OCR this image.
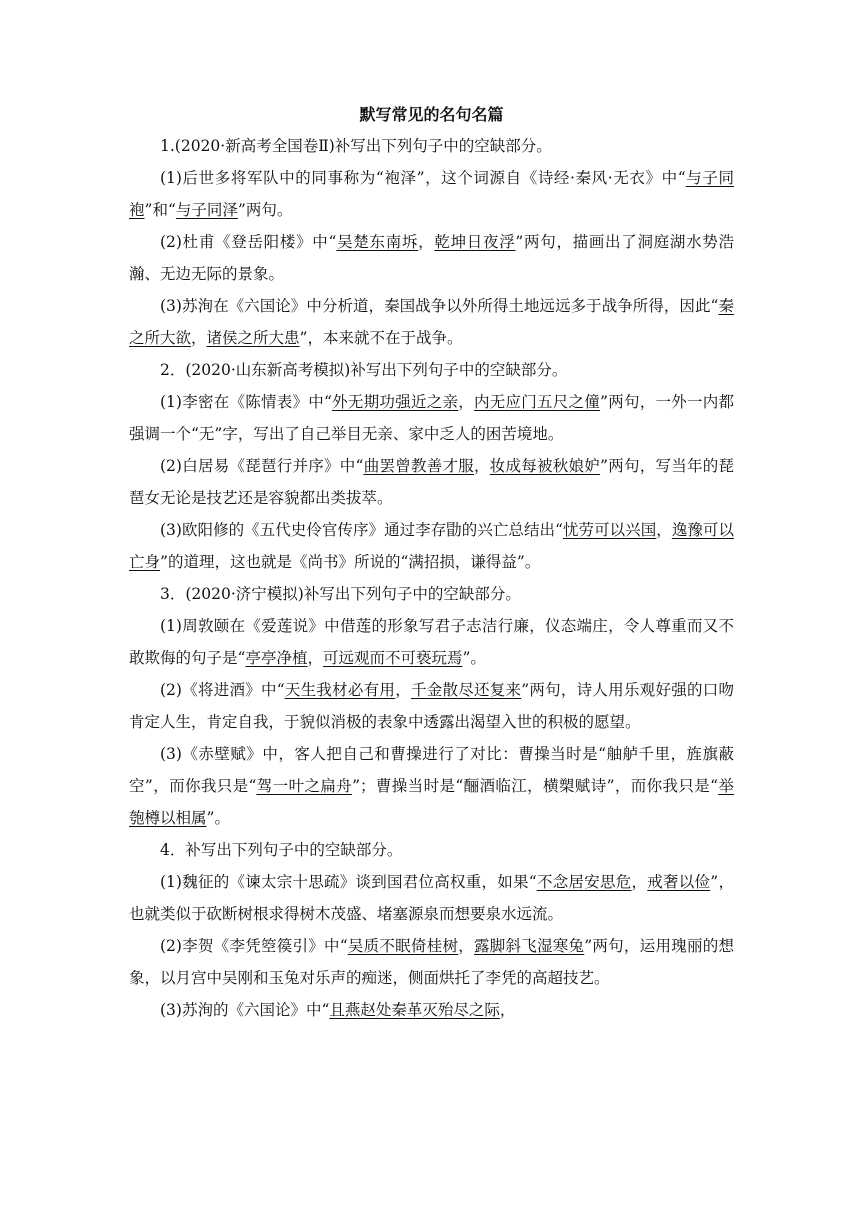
默写常见的名句名篇

1.(2020·新高考全国卷Ⅱ)补写出下列句子中的空缺部分。

(1)后世多将军队中的同事称为“袍泽”，这个词源自《诗经·秦风·无衣》中“与子同袍”和“与子同泽”两句。

(2)杜甫《登岳阳楼》中“吴楚东南坼，乾坤日夜浮”两句，描画出了洞庭湖水势浩瀚、无边无际的景象。

(3)苏洵在《六国论》中分析道，秦国战争以外所得土地远远多于战争所得，因此“秦之所大欲，诸侯之所大患”，本来就不在于战争。

2．(2020·山东新高考模拟)补写出下列句子中的空缺部分。

(1)李密在《陈情表》中“外无期功强近之亲，内无应门五尺之僮”两句，一外一内都强调一个“无”字，写出了自己举目无亲、家中乏人的困苦境地。

(2)白居易《琵琶行并序》中“曲罢曾教善才服，妆成每被秋娘妒”两句，写当年的琵琶女无论是技艺还是容貌都出类拔萃。

(3)欧阳修的《五代史伶官传序》通过李存勖的兴亡总结出“忧劳可以兴国，逸豫可以亡身”的道理，这也就是《尚书》所说的“满招损，谦得益”。

3．(2020·济宁模拟)补写出下列句子中的空缺部分。

(1)周敦颐在《爱莲说》中借莲的形象写君子志洁行廉，仪态端庄，令人尊重而又不敢欺侮的句子是“亭亭净植，可远观而不可亵玩焉”。

(2)《将进酒》中“天生我材必有用，千金散尽还复来”两句，诗人用乐观好强的口吻肯定人生，肯定自我，于貌似消极的表象中透露出渴望入世的积极的愿望。

(3)《赤壁赋》中，客人把自己和曹操进行了对比：曹操当时是“舳舻千里，旌旗蔽空”，而你我只是“驾一叶之扁舟”；曹操当时是“酾酒临江，横槊赋诗”，而你我只是“举匏樽以相属”。

4．补写出下列句子中的空缺部分。

(1)魏征的《谏太宗十思疏》谈到国君位高权重，如果“不念居安思危，戒奢以俭”，也就类似于砍断树根求得树木茂盛、堵塞源泉而想要泉水远流。

(2)李贺《李凭箜篌引》中“吴质不眠倚桂树，露脚斜飞湿寒兔”两句，运用瑰丽的想象，以月宫中吴刚和玉兔对乐声的痴迷，侧面烘托了李凭的高超技艺。

(3)苏洵的《六国论》中“且燕赵处秦革灭殆尽之际，
